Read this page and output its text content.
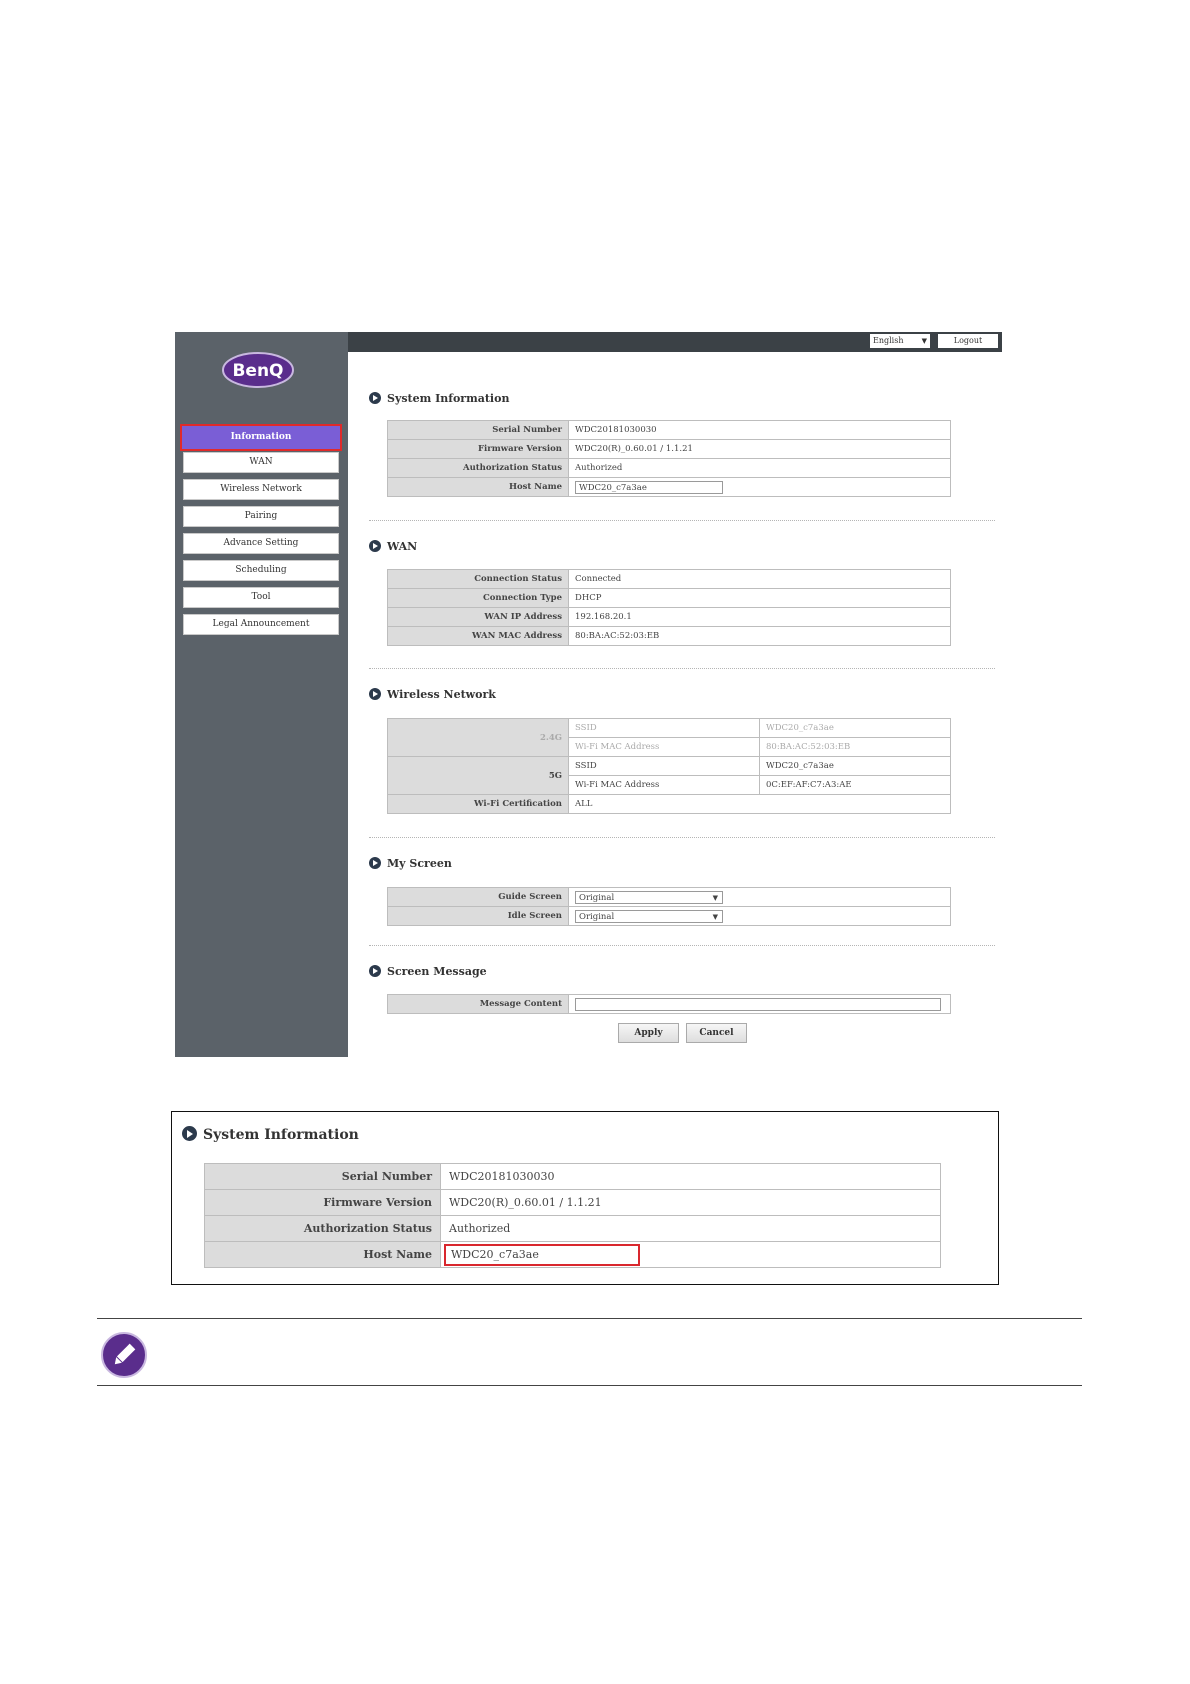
BenQ
Information
WAN
Wireless Network
Pairing
Advance Setting
Scheduling
Tool
Legal Announcement
English	▼	Logout
System Information
Serial Number	WDC20181030030
Firmware Version	WDC20(R)_0.60.01 / 1.1.21
Authorization Status	Authorized
Host Name	WDC20_c7a3ae
WAN
Connection Status	Connected
Connection Type	DHCP
WAN IP Address	192.168.20.1
WAN MAC Address	80:BA:AC:52:03:EB
Wireless Network
2.4G	SSID	WDC20_c7a3ae
	Wi-Fi MAC Address	80:BA:AC:52:03:EB
5G	SSID	WDC20_c7a3ae
	Wi-Fi MAC Address	0C:EF:AF:C7:A3:AE
Wi-Fi Certification	ALL	
My Screen
Guide Screen	Original ▼

Idle Screen	Original ▼
Screen Message
Message Content	
Apply	Cancel
System Information
Serial Number	WDC20181030030
Firmware Version	WDC20(R)_0.60.01 / 1.1.21
Authorization Status	Authorized
Host Name	WDC20_c7a3ae
